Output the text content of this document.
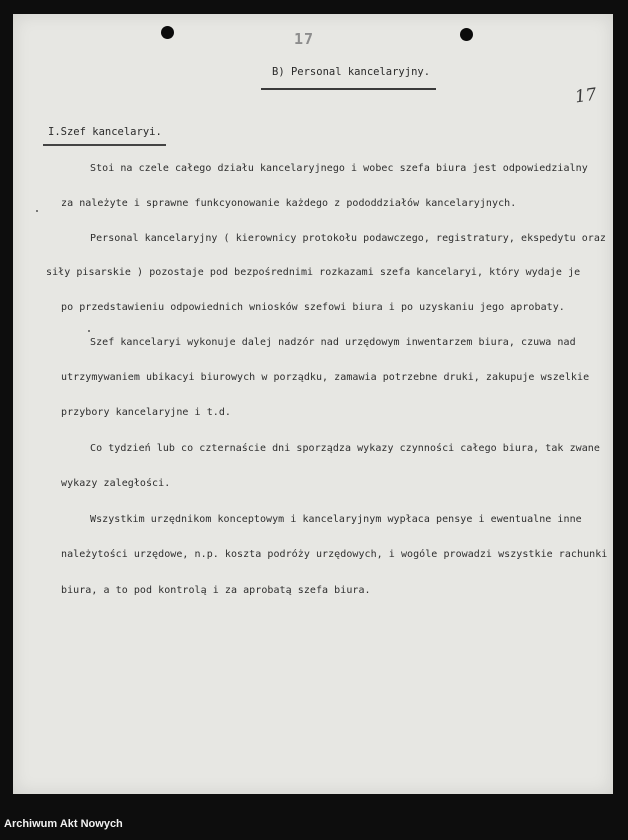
17
17
B) Personal kancelaryjny.
I.Szef kancelaryi.
Stoi na czele całego działu kancelaryjnego i wobec szefa biura jest odpowiedzialny
za należyte i sprawne funkcyonowanie każdego z pododdziałów kancelaryjnych.
Personal kancelaryjny ( kierownicy protokołu podawczego, registratury, ekspedytu oraz
siły pisarskie ) pozostaje pod bezpośrednimi rozkazami szefa kancelaryi, który wydaje je
po przedstawieniu odpowiednich wniosków szefowi biura i po uzyskaniu jego aprobaty.
Szef kancelaryi wykonuje dalej nadzór nad urzędowym inwentarzem biura, czuwa nad
utrzymywaniem ubikacyi biurowych w porządku, zamawia potrzebne druki, zakupuje wszelkie
przybory kancelaryjne i t.d.
Co tydzień lub co czternaście dni sporządza wykazy czynności całego biura, tak zwane
wykazy zaległości.
Wszystkim urzędnikom konceptowym i kancelaryjnym wypłaca pensye i ewentualne inne
należytości urzędowe, n.p. koszta podróży urzędowych, i wogóle prowadzi wszystkie rachunki
biura, a to pod kontrolą i za aprobatą szefa biura.
Archiwum Akt Nowych
